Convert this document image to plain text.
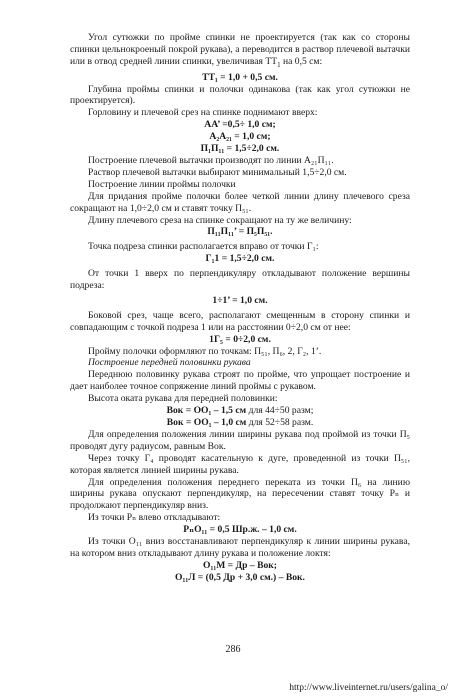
Угол сутюжки по пройме спинки не проектируется (так как со стороны спинки цельнокроеный покрой рукава), а переводится в раствор плечевой вытачки или в отвод средней линии спинки, увеличивая $ТТ_1$ на 0,5 см:

ТТ₁ = 1,0 + 0,5 см.

Глубина проймы спинки и полочки одинакова (так как угол сутюжки не проектируется).

Горловину и плечевой срез на спинке поднимают вверх:

АА’ =0,5÷ 1,0 см;

А₂А₂₁ = 1,0 см;

П₁П₁₁ = 1,5÷2,0 см.

Построение плечевой вытачки производят по линии А₂₁П₁₁.

Раствор плечевой вытачки выбирают минимальный 1,5÷2,0 см.

Построение линии проймы полочки

Для придания пройме полочки более четкой линии длину плечевого среза сокращают на 1,0÷2,0 см и ставят точку П₅₁.

Длину плечевого среза на спинке сокращают на ту же величину:

П₁₁П₁₁’ = П₅П₅₁.

Точка подреза спинки располагается вправо от точки Г₁:

Г₁1 = 1,5÷2,0 см.

От точки 1 вверх по перпендикуляру откладывают положение вершины подреза:

1÷1’ = 1,0 см.

Боковой срез, чаще всего, располагают смещенным в сторону спинки и совпадающим с точкой подреза 1 или на расстоянии 0÷2,0 см от нее:

1Г₅ = 0÷2,0 см.

Пройму полочки оформляют по точкам: П₅₁, П₆, 2, Г₂, 1’.

Построение передней половинки рукава

Переднюю половинку рукава строят по пройме, что упрощает построение и дает наиболее точное сопряжение линий проймы с рукавом.

Высота оката рукава для передней половинки:

Вок = ОО₁ – 1,5 см для 44÷50 разм;

Вок = ОО₁ – 1,0 см для 52÷58 разм.

Для определения положения линии ширины рукава под проймой из точки П₅ проводят дугу радиусом, равным Вок.

Через точку Г₄ проводят касательную к дуге, проведенной из точки П₅₁, которая является линией ширины рукава.

Для определения положения переднего переката из точки П₆ на линию ширины рукава опускают перпендикуляр, на пересечении ставят точку Рₙ и продолжают перпендикуляр вниз.

Из точки Рₙ влево откладывают:

РₙО₁₁ = 0,5 Шр.ж. – 1,0 см.

Из точки О₁₁ вниз восстанавливают перпендикуляр к линии ширины рукава, на котором вниз откладывают длину рукава и положение локтя:

О₁₁М = Др – Вок;

О₁₁Л = (0,5 Др + 3,0 см.) – Вок.

286
http://www.liveinternet.ru/users/galina_o/
